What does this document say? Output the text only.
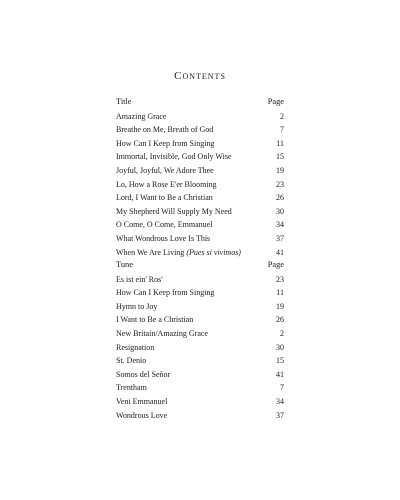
Contents
Title	Page
Amazing Grace	2
Breathe on Me, Breath of God	7
How Can I Keep from Singing	11
Immortal, Invisible, God Only Wise	15
Joyful, Joyful, We Adore Thee	19
Lo, How a Rose E'er Blooming	23
Lord, I Want to Be a Christian	26
My Shepherd Will Supply My Need	30
O Come, O Come, Emmanuel	34
What Wondrous Love Is This	37
When We Are Living (Pues si vivimos)	41
Tune	Page
Es ist ein' Ros'	23
How Can I Keep from Singing	11
Hymn to Joy	19
I Want to Be a Christian	26
New Britain/Amazing Grace	2
Resignation	30
St. Denio	15
Somos del Señor	41
Trentham	7
Veni Emmanuel	34
Wondrous Love	37
